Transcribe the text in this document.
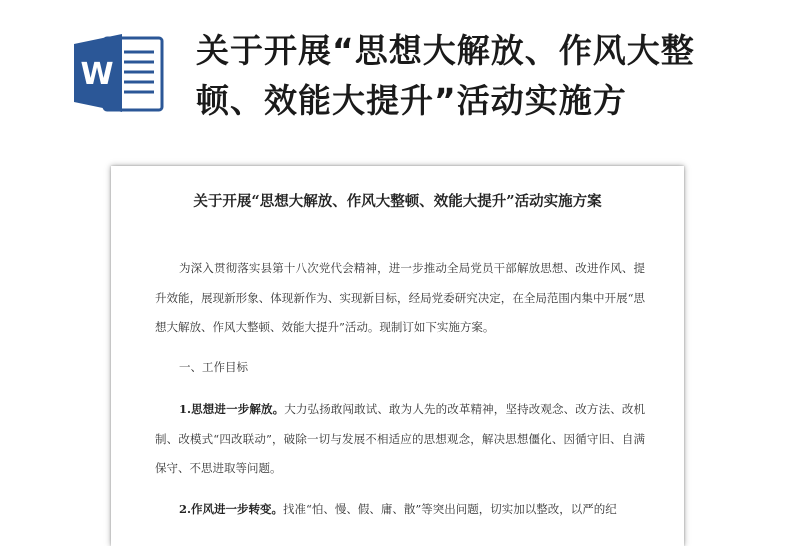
W
关于开展“思想大解放、作风大整顿、效能大提升”活动实施方
关于开展“思想大解放、作风大整顿、效能大提升”活动实施方案

为深入贯彻落实县第十八次党代会精神，进一步推动全局党员干部解放思想、改进作风、提升效能，展现新形象、体现新作为、实现新目标，经局党委研究决定，在全局范围内集中开展“思想大解放、作风大整顿、效能大提升”活动。现制订如下实施方案。

一、工作目标

1.思想进一步解放。大力弘扬敢闯敢试、敢为人先的改革精神，坚持改观念、改方法、改机制、改模式“四改联动”，破除一切与发展不相适应的思想观念，解决思想僵化、因循守旧、自满保守、不思进取等问题。

2.作风进一步转变。找准“怕、慢、假、庸、散”等突出问题，切实加以整改，以严的纪
